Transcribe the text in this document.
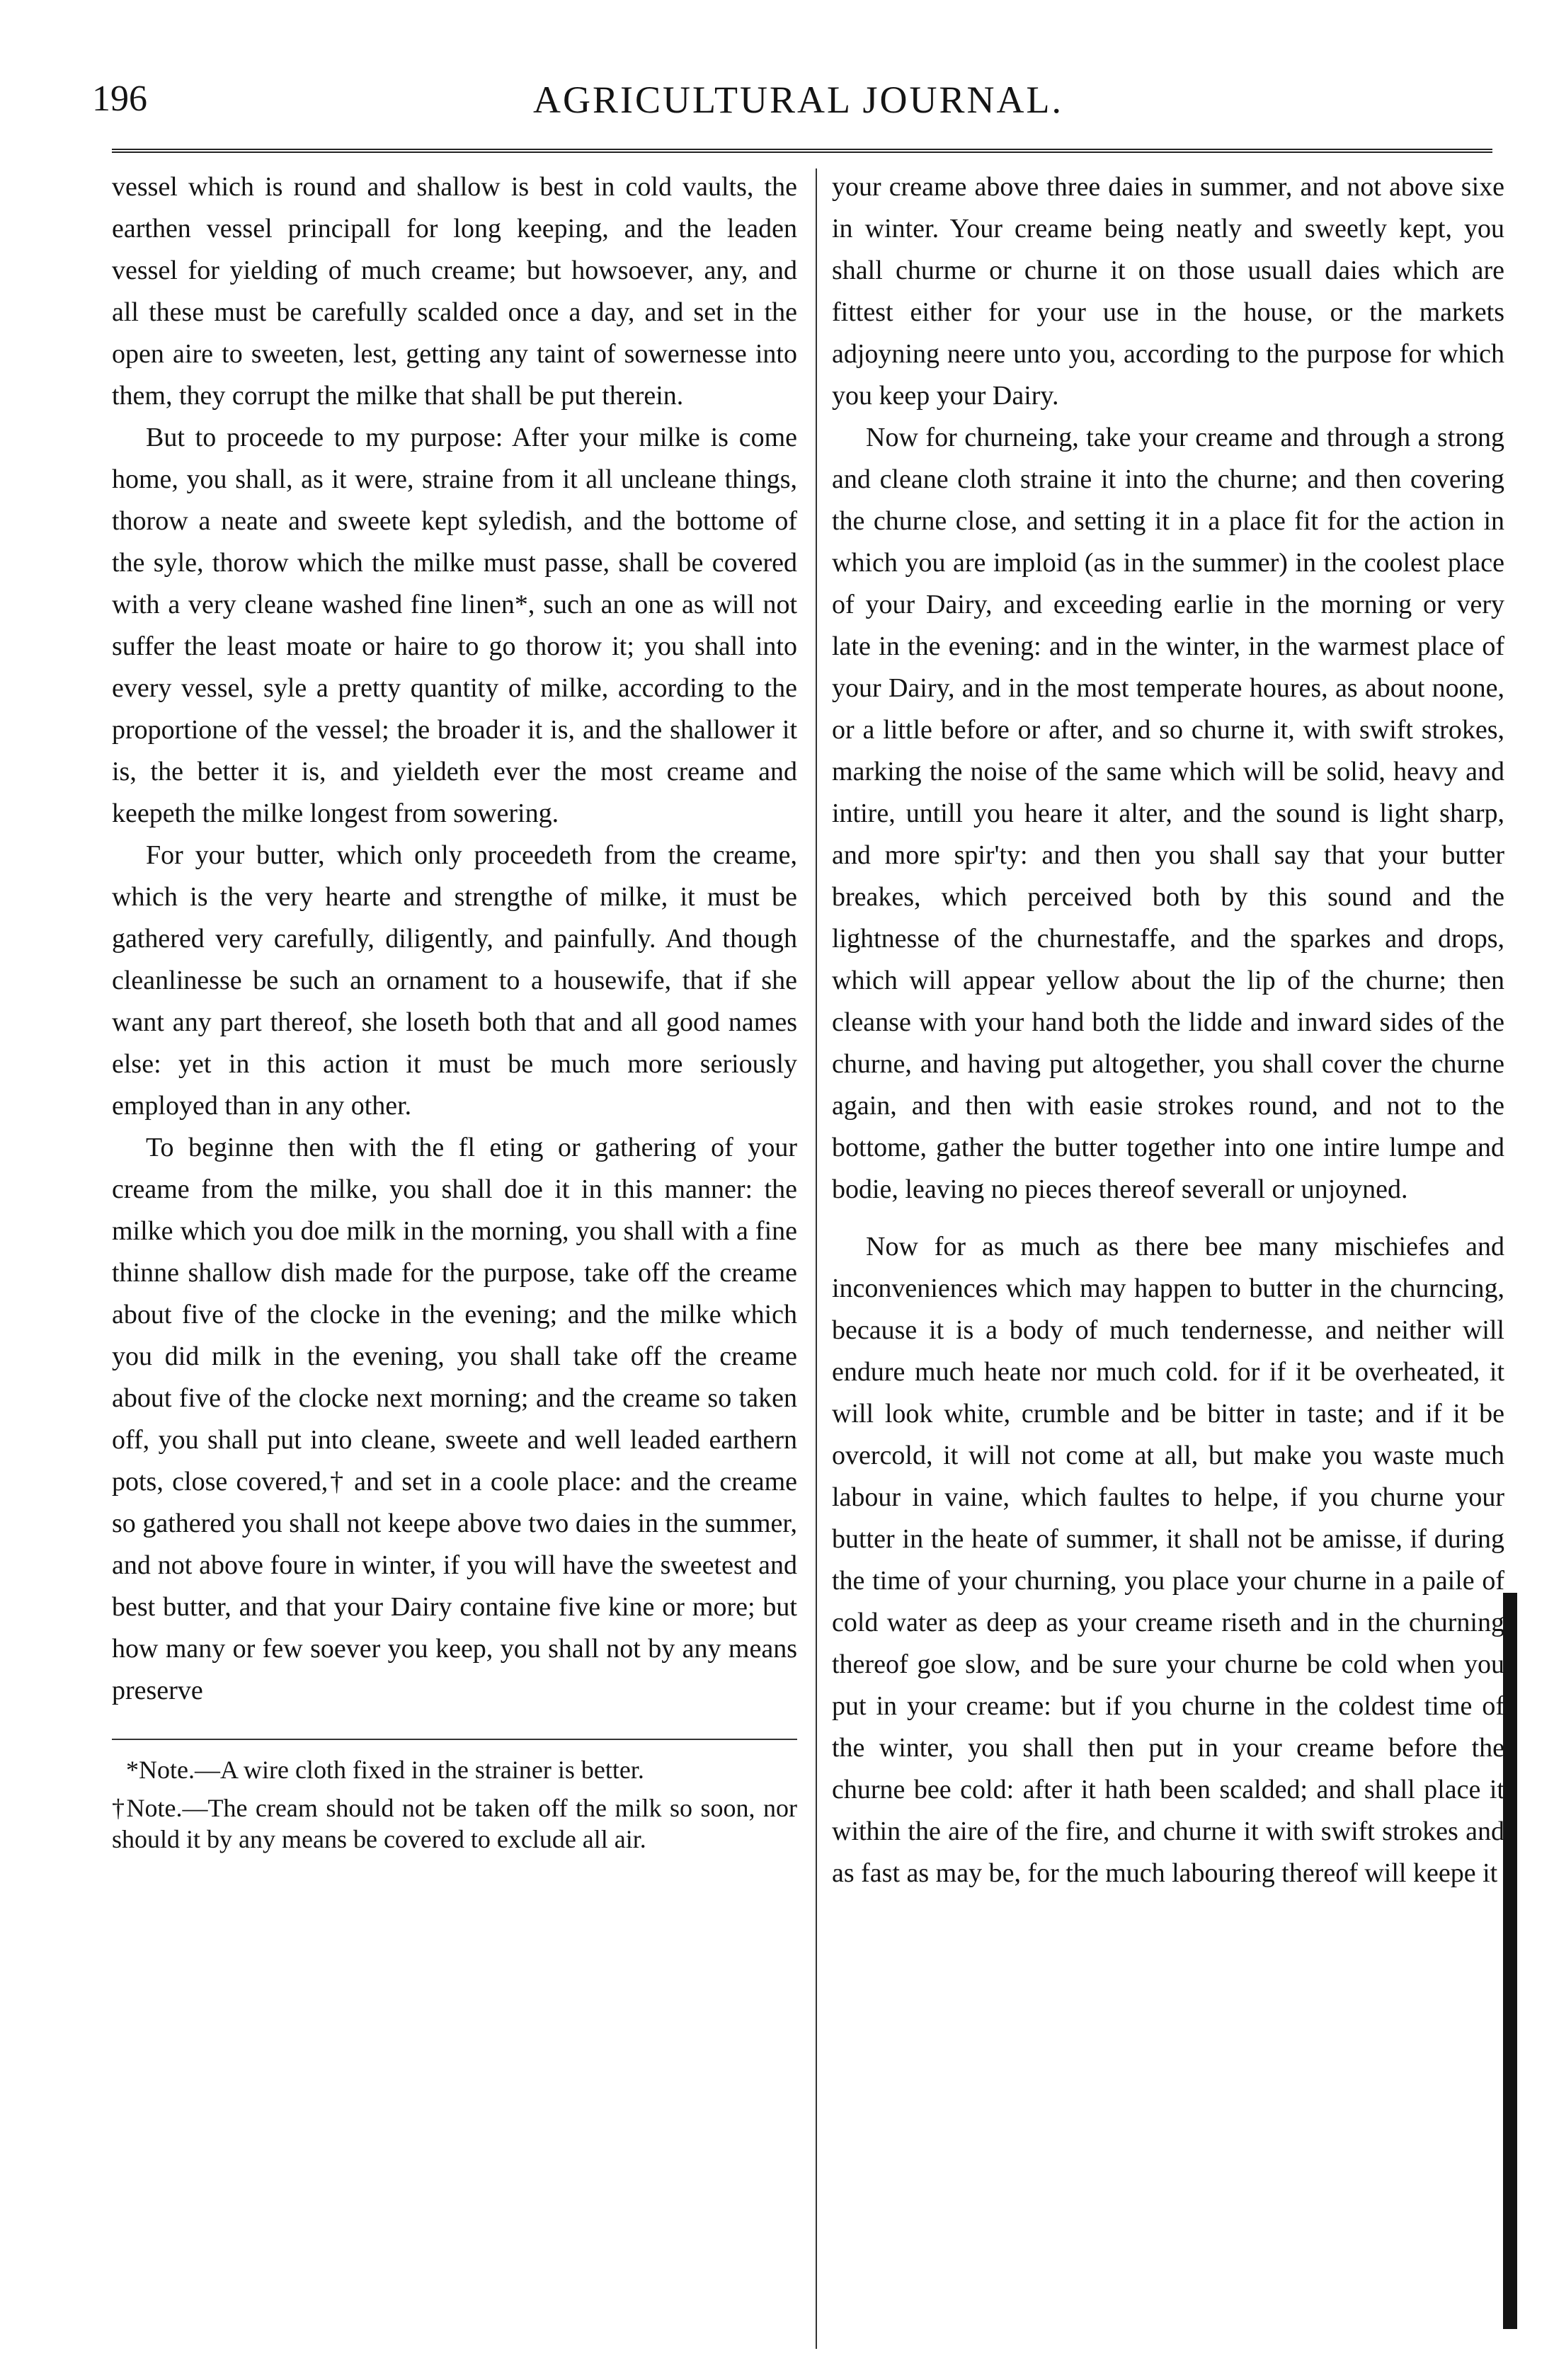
196	AGRICULTURAL JOURNAL.

vessel which is round and shallow is best in cold vaults, the earthen vessel principall for long keeping, and the leaden vessel for yielding of much creame; but howsoever, any, and all these must be carefully scalded once a day, and set in the open aire to sweeten, lest, getting any taint of sowernesse into them, they corrupt the milke that shall be put therein.

But to proceede to my purpose: After your milke is come home, you shall, as it were, straine from it all uncleane things, thorow a neate and sweete kept syledish, and the bottome of the syle, thorow which the milke must passe, shall be covered with a very cleane washed fine linen*, such an one as will not suffer the least moate or haire to go thorow it; you shall into every vessel, syle a pretty quantity of milke, according to the proportione of the vessel; the broader it is, and the shallower it is, the better it is, and yieldeth ever the most creame and keepeth the milke longest from sowering.

For your butter, which only proceedeth from the creame, which is the very hearte and strengthe of milke, it must be gathered very carefully, diligently, and painfully. And though cleanlinesse be such an ornament to a housewife, that if she want any part thereof, she loseth both that and all good names else: yet in this action it must be much more seriously employed than in any other.

To beginne then with the fl eting or gathering of your creame from the milke, you shall doe it in this manner: the milke which you doe milk in the morning, you shall with a fine thinne shallow dish made for the purpose, take off the creame about five of the clocke in the evening; and the milke which you did milk in the evening, you shall take off the creame about five of the clocke next morning; and the creame so taken off, you shall put into cleane, sweete and well leaded earthern pots, close covered,† and set in a coole place: and the creame so gathered you shall not keepe above two daies in the summer, and not above foure in winter, if you will have the sweetest and best butter, and that your Dairy containe five kine or more; but how many or few soever you keep, you shall not by any means preserve

*Note.—A wire cloth fixed in the strainer is better.

†Note.—The cream should not be taken off the milk so soon, nor should it by any means be covered to exclude all air.

your creame above three daies in summer, and not above sixe in winter. Your creame being neatly and sweetly kept, you shall churme or churne it on those usuall daies which are fittest either for your use in the house, or the markets adjoyning neere unto you, according to the purpose for which you keep your Dairy.

Now for churneing, take your creame and through a strong and cleane cloth straine it into the churne; and then covering the churne close, and setting it in a place fit for the action in which you are imploid (as in the summer) in the coolest place of your Dairy, and exceeding earlie in the morning or very late in the evening: and in the winter, in the warmest place of your Dairy, and in the most temperate houres, as about noone, or a little before or after, and so churne it, with swift strokes, marking the noise of the same which will be solid, heavy and intire, untill you heare it alter, and the sound is light sharp, and more spir'ty: and then you shall say that your butter breakes, which perceived both by this sound and the lightnesse of the churnestaffe, and the sparkes and drops, which will appear yellow about the lip of the churne; then cleanse with your hand both the lidde and inward sides of the churne, and having put altogether, you shall cover the churne again, and then with easie strokes round, and not to the bottome, gather the butter together into one intire lumpe and bodie, leaving no pieces thereof severall or unjoyned.

Now for as much as there bee many mischiefes and inconveniences which may happen to butter in the churncing, because it is a body of much tendernesse, and neither will endure much heate nor much cold. for if it be overheated, it will look white, crumble and be bitter in taste; and if it be overcold, it will not come at all, but make you waste much labour in vaine, which faultes to helpe, if you churne your butter in the heate of summer, it shall not be amisse, if during the time of your churning, you place your churne in a paile of cold water as deep as your creame riseth and in the churning thereof goe slow, and be sure your churne be cold when you put in your creame: but if you churne in the coldest time of the winter, you shall then put in your creame before the churne bee cold: after it hath been scalded; and shall place it within the aire of the fire, and churne it with swift strokes and as fast as may be, for the much labouring thereof will keepe it
